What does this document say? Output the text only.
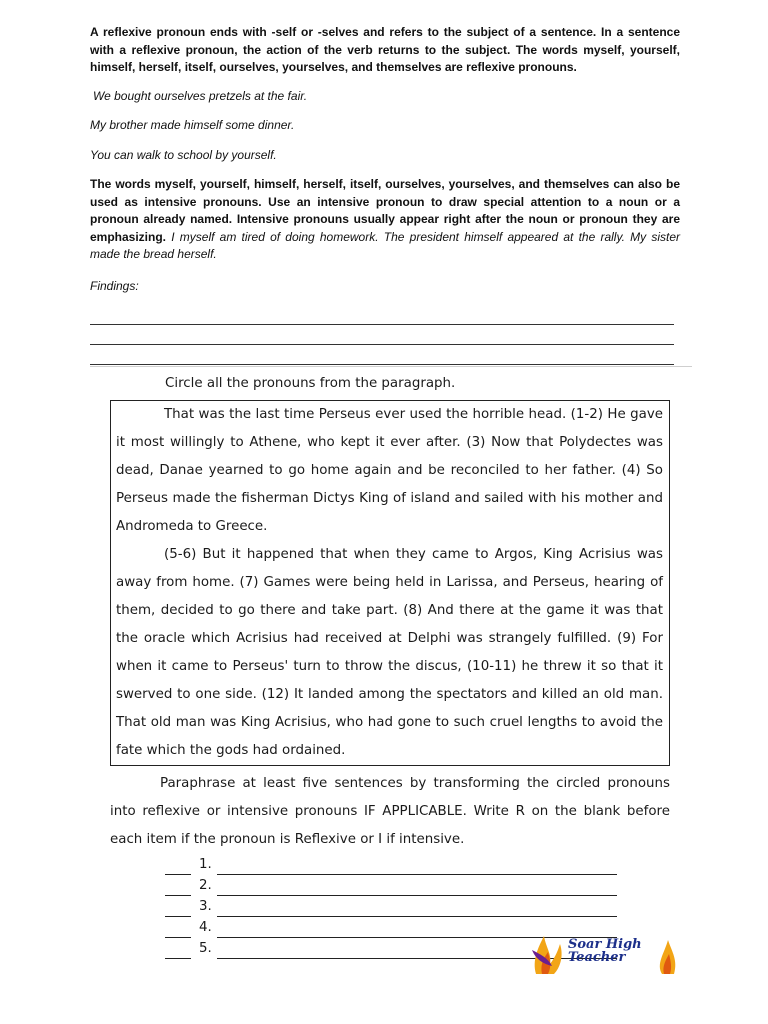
A reflexive pronoun ends with -self or -selves and refers to the subject of a sentence. In a sentence with a reflexive pronoun, the action of the verb returns to the subject. The words myself, yourself, himself, herself, itself, ourselves, yourselves, and themselves are reflexive pronouns.

We bought ourselves pretzels at the fair.

My brother made himself some dinner.

You can walk to school by yourself.

The words myself, yourself, himself, herself, itself, ourselves, yourselves, and themselves can also be used as intensive pronouns. Use an intensive pronoun to draw special attention to a noun or a pronoun already named. Intensive pronouns usually appear right after the noun or pronoun they are emphasizing. I myself am tired of doing homework. The president himself appeared at the rally. My sister made the bread herself.

Findings:

Circle all the pronouns from the paragraph.

That was the last time Perseus ever used the horrible head. (1-2) He gave it most willingly to Athene, who kept it ever after. (3) Now that Polydectes was dead, Danae yearned to go home again and be reconciled to her father. (4) So Perseus made the fisherman Dictys King of island and sailed with his mother and Andromeda to Greece.

(5-6) But it happened that when they came to Argos, King Acrisius was away from home. (7) Games were being held in Larissa, and Perseus, hearing of them, decided to go there and take part. (8) And there at the game it was that the oracle which Acrisius had received at Delphi was strangely fulfilled. (9) For when it came to Perseus' turn to throw the discus, (10-11) he threw it so that it swerved to one side. (12) It landed among the spectators and killed an old man. That old man was King Acrisius, who had gone to such cruel lengths to avoid the fate which the gods had ordained.

Paraphrase at least five sentences by transforming the circled pronouns into reflexive or intensive pronouns IF APPLICABLE. Write R on the blank before each item if the pronoun is Reflexive or I if intensive.

1.
2.
3.
4.
5.	Soar High
Teacher
